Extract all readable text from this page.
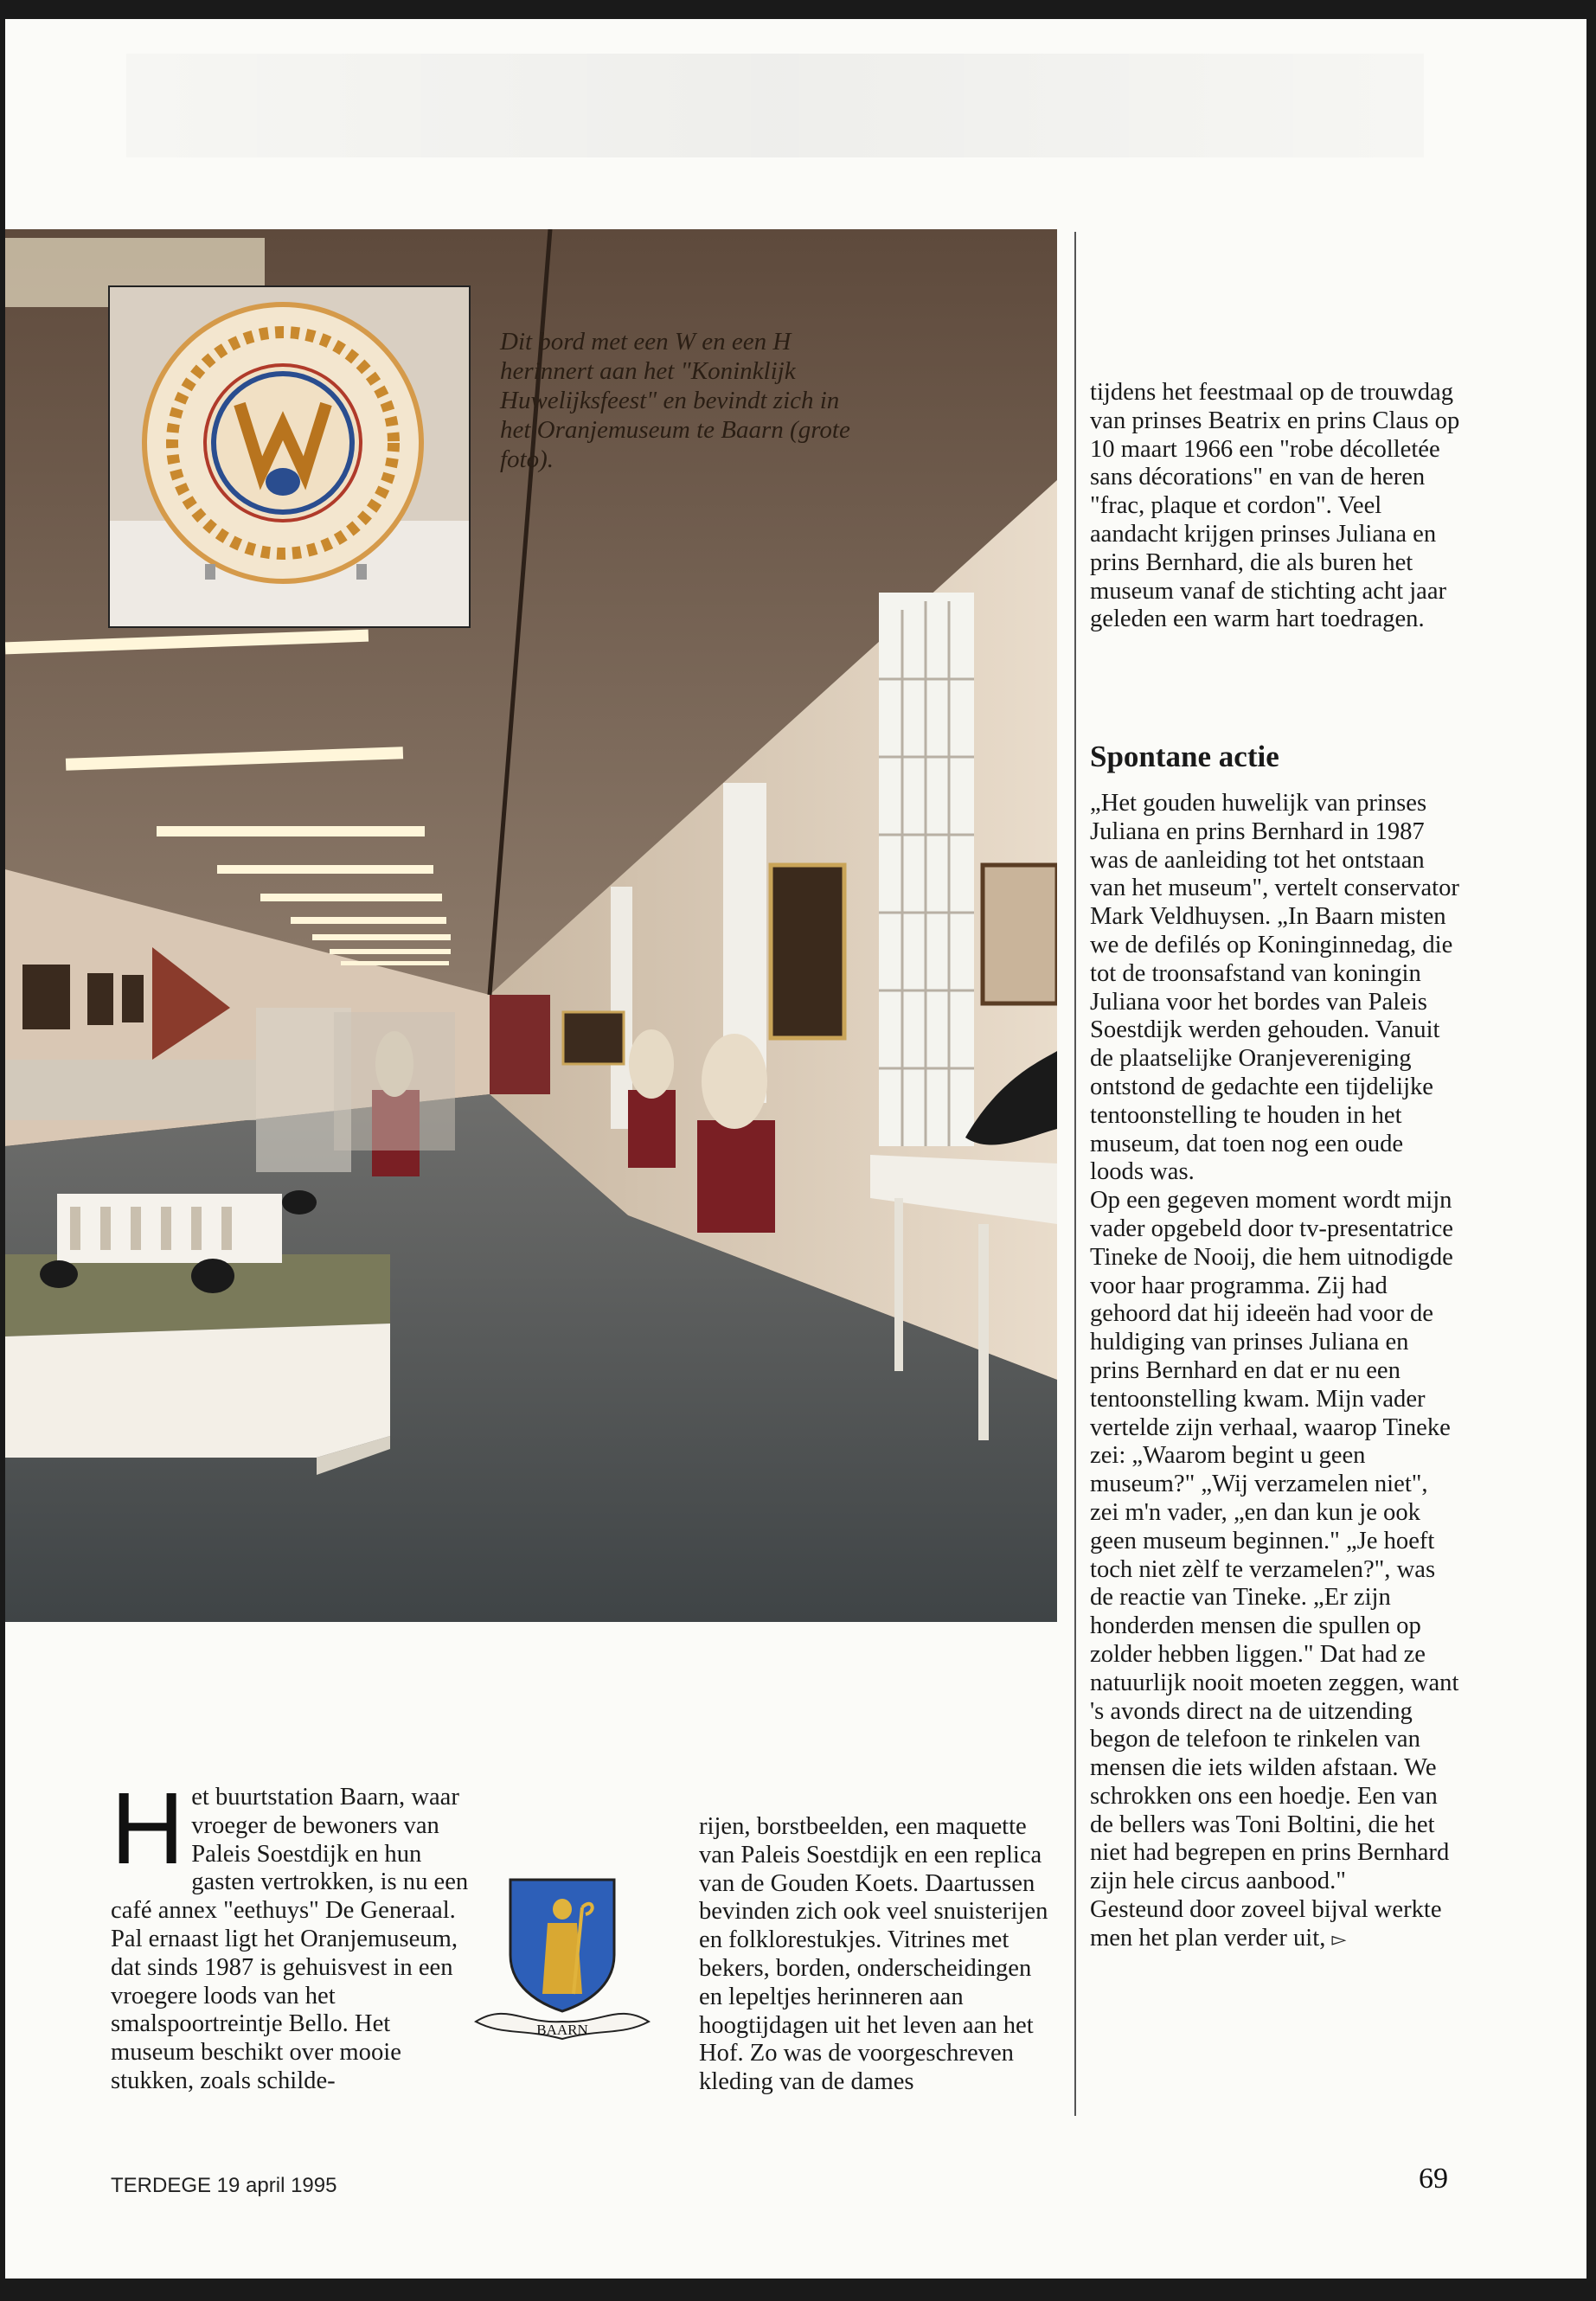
Dit bord met een W en een H herinnert aan het "Koninklijk Huwelijksfeest" en bevindt zich in het Oranjemuseum te Baarn (grote foto).

tijdens het feestmaal op de trouwdag van prinses Beatrix en prins Claus op 10 maart 1966 een "robe décolletée sans décorations" en van de heren "frac, plaque et cordon". Veel aandacht krijgen prinses Juliana en prins Bernhard, die als buren het museum vanaf de stichting acht jaar geleden een warm hart toedragen.

Spontane actie

„Het gouden huwelijk van prinses Juliana en prins Bernhard in 1987 was de aanleiding tot het ontstaan van het museum", vertelt conservator Mark Veldhuysen. „In Baarn misten we de defilés op Koninginnedag, die tot de troonsafstand van koningin Juliana voor het bordes van Paleis Soestdijk werden gehouden. Vanuit de plaatselijke Oranjevereniging ontstond de gedachte een tijdelijke tentoonstelling te houden in het museum, dat toen nog een oude loods was.

Op een gegeven moment wordt mijn vader opgebeld door tv-presentatrice Tineke de Nooij, die hem uitnodigde voor haar programma. Zij had gehoord dat hij ideeën had voor de huldiging van prinses Juliana en prins Bernhard en dat er nu een tentoonstelling kwam. Mijn vader vertelde zijn verhaal, waarop Tineke zei: „Waarom begint u geen museum?" „Wij verzamelen niet", zei m'n vader, „en dan kun je ook geen museum beginnen." „Je hoeft toch niet zèlf te verzamelen?", was de reactie van Tineke. „Er zijn honderden mensen die spullen op zolder hebben liggen." Dat had ze natuurlijk nooit moeten zeggen, want 's avonds direct na de uitzending begon de telefoon te rinkelen van mensen die iets wilden afstaan. We schrokken ons een hoedje. Een van de bellers was Toni Boltini, die het niet had begrepen en prins Bernhard zijn hele circus aanbood."

Gesteund door zoveel bijval werkte men het plan verder uit, ▻

H et buurtstation Baarn, waar vroeger de bewoners van Paleis Soestdijk en hun gasten vertrokken, is nu een café annex "eethuys" De Generaal. Pal ernaast ligt het Oranjemuseum, dat sinds 1987 is gehuisvest in een vroegere loods van het smalspoortreintje Bello. Het museum beschikt over mooie stukken, zoals schilde-

BAARN

rijen, borstbeelden, een maquette van Paleis Soestdijk en een replica van de Gouden Koets. Daartussen bevinden zich ook veel snuisterijen en folklorestukjes. Vitrines met bekers, borden, onderscheidingen en lepeltjes herinneren aan hoogtijdagen uit het leven aan het Hof. Zo was de voorgeschreven kleding van de dames

TERDEGE 19 april 1995	69
